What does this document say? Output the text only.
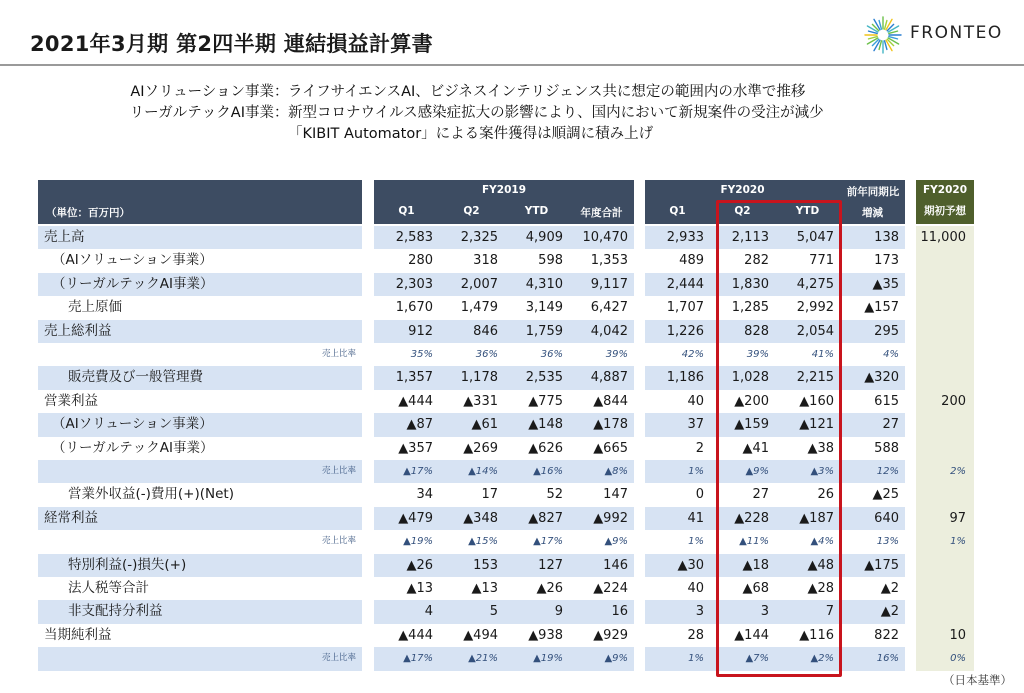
2021年3月期 第2四半期 連結損益計算書	FRONTEO
AIソリューション事業 ： ライフサイエンスAI、ビジネスインテリジェンス共に想定の範囲内の水準で推移
リーガルテックAI事業 ： 新型コロナウイルス感染症拡大の影響により、国内において新規案件の受注が減少
「KIBIT Automator」による案件獲得は順調に積み上げ
（単位：百万円）
FY2019
Q1	Q2	YTD	年度合計
FY2020	前年同期比
Q1	Q2	YTD	増減
FY2020
期初予想
売上高	2,583	2,325	4,909	10,470	2,933	2,113	5,047	138	11,000
（AIソリューション事業）	280	318	598	1,353	489	282	771	173
（リーガルテックAI事業）	2,303	2,007	4,310	9,117	2,444	1,830	4,275	▲35
売上原価	1,670	1,479	3,149	6,427	1,707	1,285	2,992	▲157
売上総利益	912	846	1,759	4,042	1,226	828	2,054	295
売上比率	35%	36%	36%	39%	42%	39%	41%	4%
販売費及び一般管理費	1,357	1,178	2,535	4,887	1,186	1,028	2,215	▲320
営業利益	▲444	▲331	▲775	▲844	40	▲200	▲160	615	200
（AIソリューション事業）	▲87	▲61	▲148	▲178	37	▲159	▲121	27
（リーガルテックAI事業）	▲357	▲269	▲626	▲665	2	▲41	▲38	588
売上比率	▲17%	▲14%	▲16%	▲8%	1%	▲9%	▲3%	12%	2%
営業外収益(-)費用(+)(Net)	34	17	52	147	0	27	26	▲25
経常利益	▲479	▲348	▲827	▲992	41	▲228	▲187	640	97
売上比率	▲19%	▲15%	▲17%	▲9%	1%	▲11%	▲4%	13%	1%
特別利益(-)損失(+)	▲26	153	127	146	▲30	▲18	▲48	▲175
法人税等合計	▲13	▲13	▲26	▲224	40	▲68	▲28	▲2
非支配持分利益	4	5	9	16	3	3	7	▲2
当期純利益	▲444	▲494	▲938	▲929	28	▲144	▲116	822	10
売上比率	▲17%	▲21%	▲19%	▲9%	1%	▲7%	▲2%	16%	0%
（日本基準）
